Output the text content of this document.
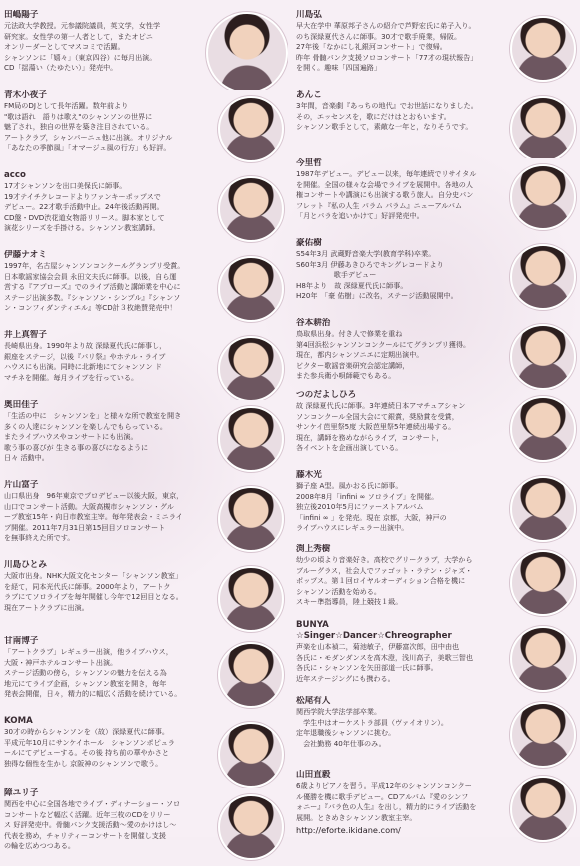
田嶋陽子
元法政大学教授。元参議院議員，英文学，女性学
研究家。女性学の第一人者として，またオピニ
オンリーダーとしてマスコミで活躍。
シャンソンに「嬉々」（東京四谷）に毎月出演。
CD「揺蕩い（たゆたい）」発売中。
青木小夜子
FM局のDJとして長年活躍。数年前より
"歌は語れ　語りは歌え"のシャンソンの世界に
魅了され，独自の世界を築き注目されている。
アートクラブ，シャンパーニュ他に出演。オリジナル
「あなたの季節風」「オマージュ風の行方」も好評。
acco
17才シャンソンを出口美保氏に師事。
19才テイチクレコードよりファンキーポップスで
デビュー。22才歌手活動中止。24年後活動再開。
CD盤・DVD渋花道女物語リリース。脚本家として
演花シリーズを手掛ける。シャンソン教室講師。
伊藤ナオミ
1997年，名古屋シャンソンコンクールグランプリ受賞。
日本歌謡家協会会員 永田文夫氏に師事。以後，自ら運
営する『アプローズ』でのライブ活動と講師業を中心に
ステージ出演多数。『シャンソン・シンプル』『シャンソ
ン・コンフィダンティエル』等CD計３枚絶賛発売中！
井上真智子
長崎県出身。1990年より故 深緑夏代氏に師事し，
銀座をステージ，以後『パリ祭』やホテル・ライブ
ハウスにも出演。同時に北新地にてシャンソン ド
マチネを開催。毎月ライブを行っている。
奥田佳子
「生活の中に　シャンソンを」と様々な所で教室を開き
多くの人達にシャンソンを楽しんでもらっている。
またライブハウスやコンサートにも出演。
歌う事の喜びが 生きる事の喜びになるように
日々 活動中。
片山富子
山口県出身　96年東京でプロデビュー以後大阪，東京，
山口でコンサート活動。大阪高槻市シャンソン・グル
ープ教室15年・向日市教室主宰。毎年発表会・ミニライ
ブ開催。2011年7月31日第15回目ソロコンサート
を無事終えた所です。
川島ひとみ
大阪市出身。NHK大阪文化センター「シャンソン教室」
を経て，同本光代氏に師事。2000年より，アートク
ラブにてソロライブを毎年開催し今年で12回目となる。
現在アートクラブに出演。
甘南博子
「アートクラブ」レギュラー出演，他ライブハウス，
大阪・神戸ホテルコンサート出演。
ステージ活動の傍ら，シャンソンの魅力を伝える為
地元にてライブ企画，シャンソン教室を開き，毎年
発表会開催，日々，精力的に幅広く活動を続けている。
KOMA
30才の時からシャンソンを（故）深緑夏代に師事。
平成元年10月にサンケイホール　シャンソンポピュラ
ールにてデビューする。その後 持ち前の華やかさと
独得な個性を生かし 京阪神のシャンソンで歌う。
障ユリ子
関西を中心に全国各地でライブ・ディナーショー・ソロ
コンサートなど幅広く活躍。近年三枚のCDをリリー
ス 好評発売中。骨髄バンク支援活動〜愛のかけはし〜
代表を務め，チャリティーコンサートを開催し支援
の輪を広めつつある。
川島弘
早大在学中 華原邦子さんの紹介で芦野宏氏に弟子入り。
のち深緑夏代さんに師事。30才で歌手廃業，帰阪。
27年後「なかにし礼銀河コンサート」で復帰。
昨年 骨髄バンク支援ソロコンサート「77才の現状報告」
を開く。趣味「四国遍路」
あんこ
3年間，音楽劇『あっちの地代』でお世話になりました。
その，エッセンスを，歌にだけはとおもいます。
シャンソン歌手として，素敵な一年と，なりそうです。
今里哲
1987年デビュー。デビュー以来，毎年連続でリサイタル
を開催。全国の様々な会場でライブを展開中。各地の人
権コンサートや講演にも出演する歌う旅人。自分史パン
フレット『私の人生 パラム パラム』ニューアルバム
「月とパラを追いかけて」好評発売中。
豪佑樹
S54年3月 武蔵野音楽大学(教育学科)卒業。
S60年3月 伊藤あきひろでキングレコードより
　　　　　 歌手デビュー
H8年より　故 深緑夏代氏に師事。
H20年　「豪 佑樹」に改名，ステージ活動展開中。
谷本耕治
鳥取県出身。付き人で修業を重ね
第4回浜松シャンソンコンクールにてグランプリ獲得。
現在，都内シャンソニエに定期出演中。
ビクター歌謡音楽研究会認定講師，
また参兵衛小唄師範でもある。
つのだよしひろ
故 深緑夏代氏に師事。3年連続日本アマチュアシャン
ソンコンクール全国大会にて銀賞，奨励賞を受賞，
サンケイ芭里祭5度 大阪芭里祭5年連続出場する。
現在，講師を務めながらライブ，コンサート，
各イベントを企画出演している。
藤木光
獅子座 A型。風かおる氏に師事。
2008年8月「infini ∞ ソロライブ」を開催。
独立後2010年5月にファーストアルバム
「infini ∞ 」を発売。現在 京都，大阪，神戸の
ライブハウスにレギュラー出演中。
渕上秀樹
幼少の頃より音楽好き。高校でグリークラブ，大学から
ブルーグラス，社会人でファゴット・ラテン・ジャズ・
ポップス。第１回ロイヤルオーディション合格を機に
シャンソン活動を始める。
スキー準指導員，陸上競技１級。
BUNYA
☆Singer☆Dancer☆Chreographer
声楽を山本禎二，菊池敏子，伊藤富次郎，田中由也
各氏に・モダンダンスを高木澄，浅川高子，美歌三智也
各氏に・シャンソンを矢田部道一氏に師事。
近年ステージングにも携わる。
松尾有人
関西学院大学法学部卒業。
　学生中はオーケストラ部員（ヴァイオリン）。
定年退職後シャンソンに挑む。
　会社勤務 40年仕事のみ。
山田直毅
6歳よりピアノを習う。平成12年のシャンソンコンクー
ル優勝を機に歌手デビュー。CDアルバム『愛のシンフ
ォニー』『バラ色の人生』を出し，精力的にライブ活動を
展開。ときめきシャンソン教室主宰。
http://eforte.ikidane.com/
